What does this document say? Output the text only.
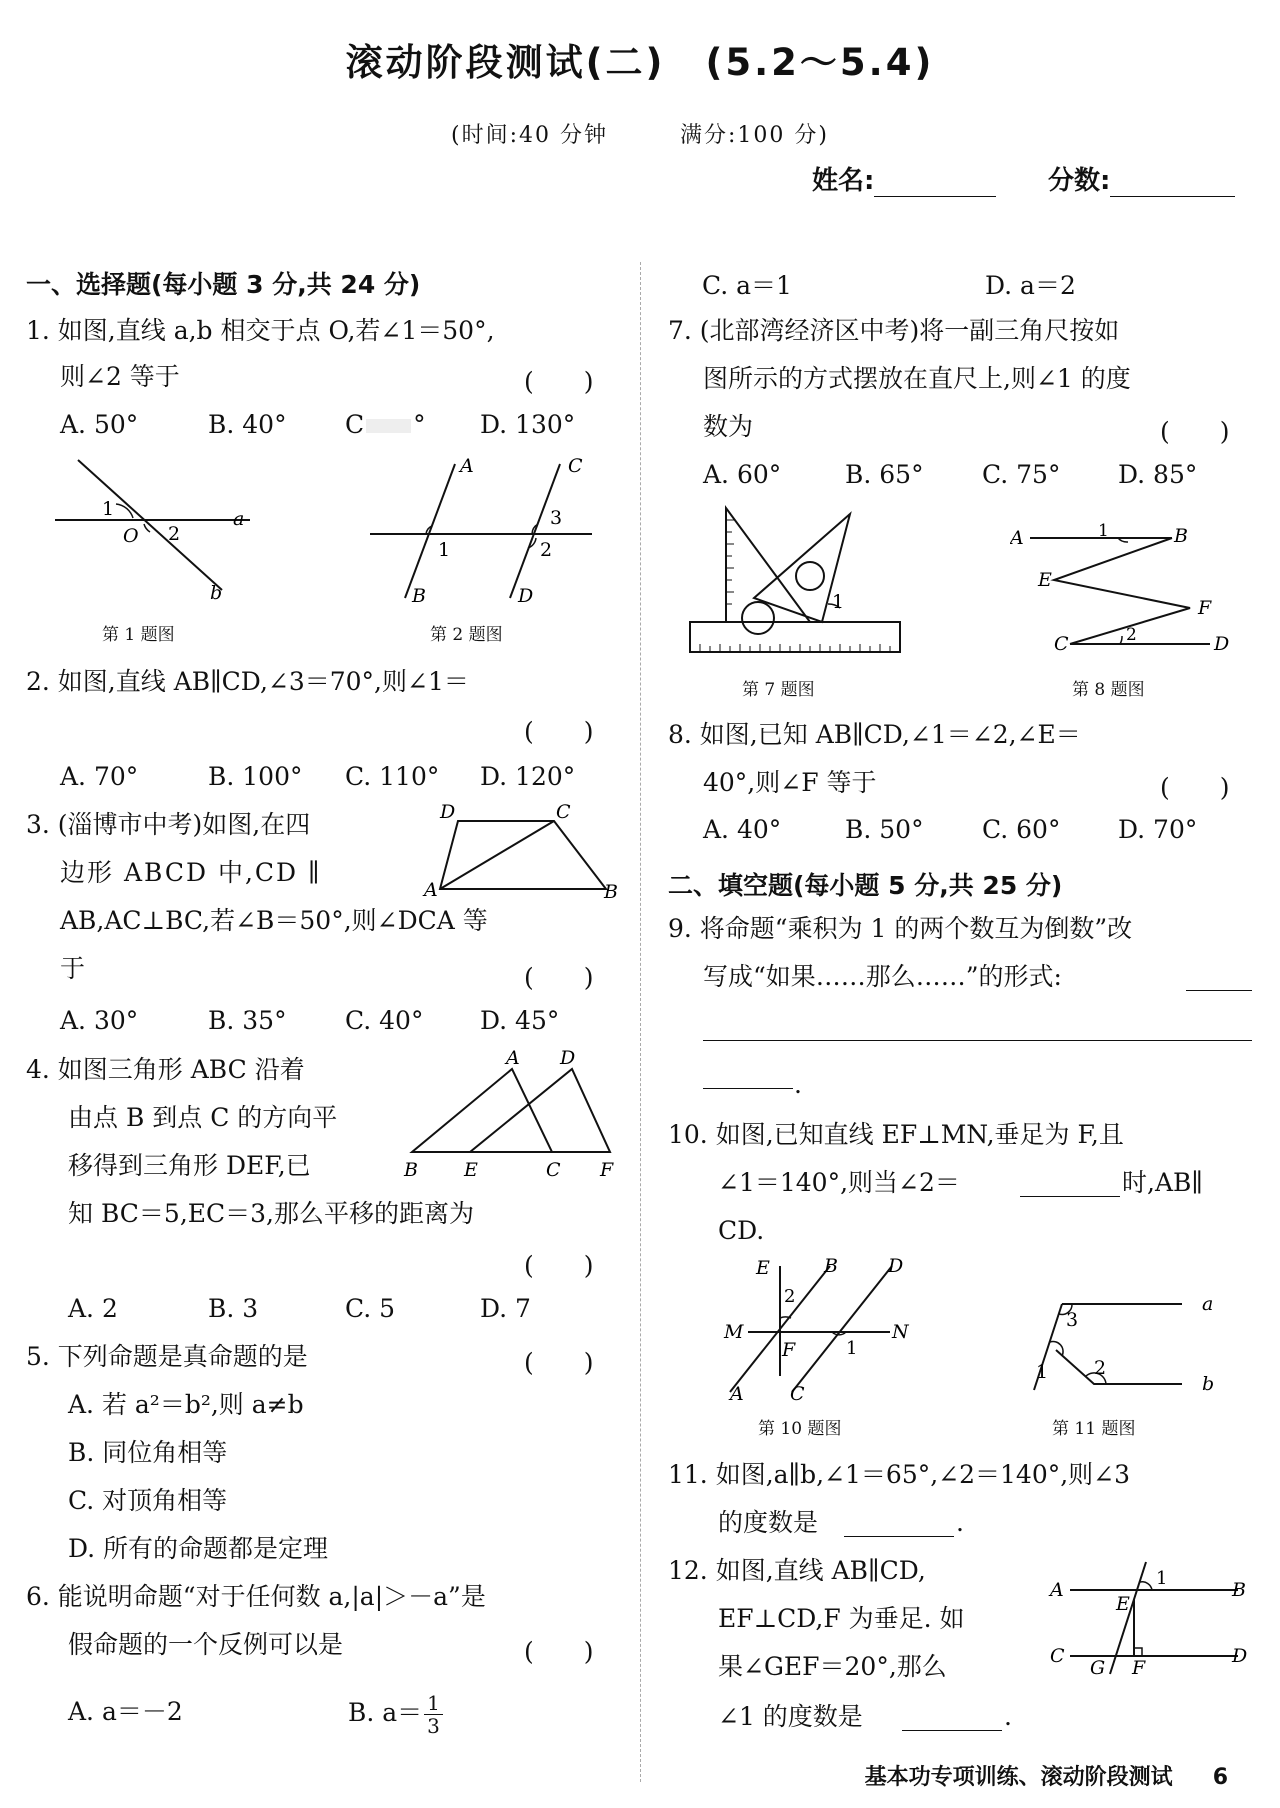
滚动阶段测试(二)　(5.2～5.4)
(时间:40 分钟　　　满分:100 分)
姓名:	分数:
一、选择题(每小题 3 分,共 24 分)
1. 如图,直线 a,b 相交于点 O,若∠1＝50°,
则∠2 等于	(　　)
A. 50°	B. 40° C ° D. 130°
1
O 2
a
b
第 1 题图
A	C
3
1	2
B	D
第 2 题图
2. 如图,直线 AB∥CD,∠3＝70°,则∠1＝
(　　)
A. 70°	B. 100° C. 110° D. 120°
3. (淄博市中考)如图,在四
边形 ABCD 中,CD ∥
AB,AC⊥BC,若∠B＝50°,则∠DCA 等
于	(　　)
D	C
A	B
A. 30°	B. 35° C. 40° D. 45°
4. 如图三角形 ABC 沿着
由点 B 到点 C 的方向平
移得到三角形 DEF,已
知 BC＝5,EC＝3,那么平移的距离为
(　　)
A D
B E	C F
A. 2	B. 3	C. 5	D. 7
5. 下列命题是真命题的是	(　　)
A. 若 a²＝b²,则 a≠b
B. 同位角相等
C. 对顶角相等
D. 所有的命题都是定理
6. 能说明命题“对于任何数 a,|a|＞－a”是
假命题的一个反例可以是	(　　)
A. a＝－2	B. $a= \frac{1}{3}$
C. a＝1	D. a＝2
7. (北部湾经济区中考)将一副三角尺按如
图所示的方式摆放在直尺上,则∠1 的度
数为	(　　)
A. 60°	B. 65° C. 75° D. 85°
1
第 7 题图
A	1	B
E
F
C	2	D
第 8 题图
8. 如图,已知 AB∥CD,∠1＝∠2,∠E＝
40°,则∠F 等于	(　　)
A. 40°	B. 50° C. 60° D. 70°
二、填空题(每小题 5 分,共 25 分)
9. 将命题“乘积为 1 的两个数互为倒数”改
写成“如果……那么……”的形式:
.
10. 如图,已知直线 EF⊥MN,垂足为 F,且
∠1＝140°,则当∠2＝	时,AB∥
CD.
E	B	D
2
M
F	1
N
A C
第 10 题图
3
a
2
1
b
第 11 题图
11. 如图,a∥b,∠1＝65°,∠2＝140°,则∠3
的度数是	.
12. 如图,直线 AB∥CD,
EF⊥CD,F 为垂足. 如
果∠GEF＝20°,那么
∠1 的度数是	.
1
A
E
B
C
G F
D
基本功专项训练、滚动阶段测试 6
